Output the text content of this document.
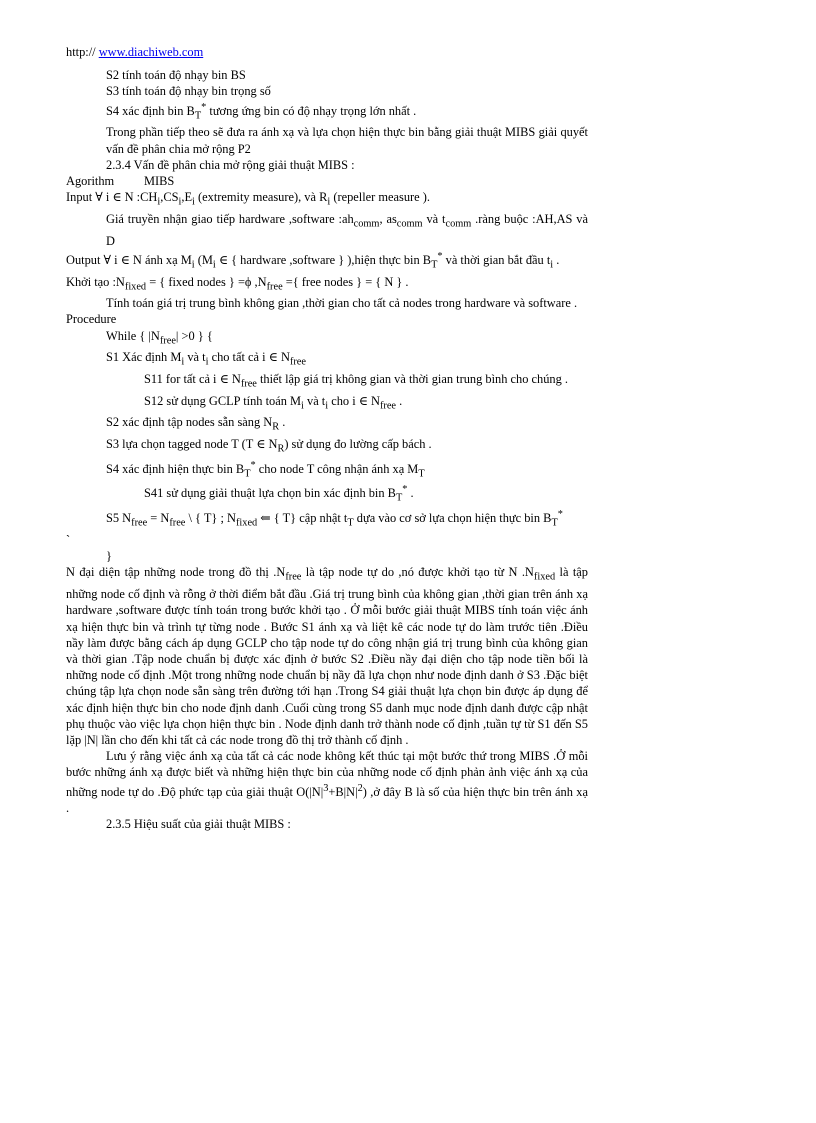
http:// www.diachiweb.com

S2 tính toán độ nhạy bin BS

S3 tính toán độ nhạy bin trọng số

S4 xác định bin $B_T^*$ tương ứng bin có độ nhạy trọng lớn nhất .

Trong phần tiếp theo sẽ đưa ra ánh xạ và lựa chọn hiện thực bin bằng giải thuật MIBS giải quyết vấn đề phân chia mở rộng P2

2.3.4 Vấn đề phân chia mở rộng giải thuật MIBS :

Agorithm MIBS

Input ∀ i ∈ N $:CH_i,CS_i,E_i$ (extremity measure), và $R_i$ (repeller measure ).

Giá truyền nhận giao tiếp hardware ,software $:ah_{comm}$, $as_{comm}$ và $t_{comm}$ .ràng buộc :AH,AS và D

Output ∀ i ∈ N ánh xạ $M_i$ ($M_i$ ∈ { hardware ,software } ),hiện thực bin $B_T^*$ và thời gian bắt đầu $t_i$ .

Khởi tạo $:N_{fixed}$ = { fixed nodes } =ϕ $,N_{free}$ ={ free nodes } = { N } .

Tính toán giá trị trung bình không gian ,thời gian cho tất cả nodes trong hardware và software .

Procedure

While { $|N_{free}| >0$ } {

S1 Xác định $M_i$ và $t_i$ cho tất cả i ∈ $N_{free}$

S11 for tất cả i ∈ $N_{free}$ thiết lập giá trị không gian và thời gian trung bình cho chúng .

S12 sử dụng GCLP tính toán $M_i$ và $t_i$ cho i ∈ $N_{free}$ .

S2 xác định tập nodes sẵn sàng $N_R$ .

S3 lựa chọn tagged node T (T ∈ $N_R$) sử dụng đo lường cấp bách .

S4 xác định hiện thực bin $B_T^*$ cho node T công nhận ánh xạ $M_T$

S41 sử dụng giải thuật lựa chọn bin xác định bin $B_T^*$ .

S5 $N_{free} = N_{free}$ \ { T} ; $N_{fixed}$ ⇐ { T} cập nhật $t_T$ dựa vào cơ sở lựa chọn hiện thực bin $B_T^*$

`

}

N đại diện tập những node trong đồ thị $.N_{free}$ là tập node tự do ,nó được khởi tạo từ N $.N_{fixed}$ là tập những node cố định và rỗng ở thời điểm bắt đầu .Giá trị trung bình của không gian ,thời gian trên ánh xạ hardware ,software được tính toán trong bước khởi tạo . Ở mỗi bước giải thuật MIBS tính toán việc ánh xạ hiện thực bin và trình tự từng node . Bước S1 ánh xạ và liệt kê các node tự do làm trước tiên .Điều nầy làm được bằng cách áp dụng GCLP cho tập node tự do công nhận giá trị trung bình của không gian và thời gian .Tập node chuẩn bị được xác định ở bước S2 .Điều nầy đại diện cho tập node tiền bối là những node cố định .Một trong những node chuẩn bị nầy đã lựa chọn như node định danh ở S3 .Đặc biệt chúng tập lựa chọn node sẵn sàng trên đường tới hạn .Trong S4 giải thuật lựa chọn bin được áp dụng để xác định hiện thực bin cho node định danh .Cuối cùng trong S5 danh mục node định danh được cập nhật phụ thuộc vào việc lựa chọn hiện thực bin . Node định danh trở thành node cố định ,tuần tự từ S1 đến S5 lặp |N| lần cho đến khi tất cả các node trong đồ thị trở thành cố định .

Lưu ý rằng việc ánh xạ của tất cả các node không kết thúc tại một bước thứ trong MIBS .Ở mỗi bước những ánh xạ được biết và những hiện thực bin của những node cố định phản ảnh việc ánh xạ của những node tự do .Độ phức tạp của giải thuật $O(|N|^3+B|N|^2)$ ,ở đây B là số của hiện thực bin trên ánh xạ .

2.3.5 Hiệu suất của giải thuật MIBS :
